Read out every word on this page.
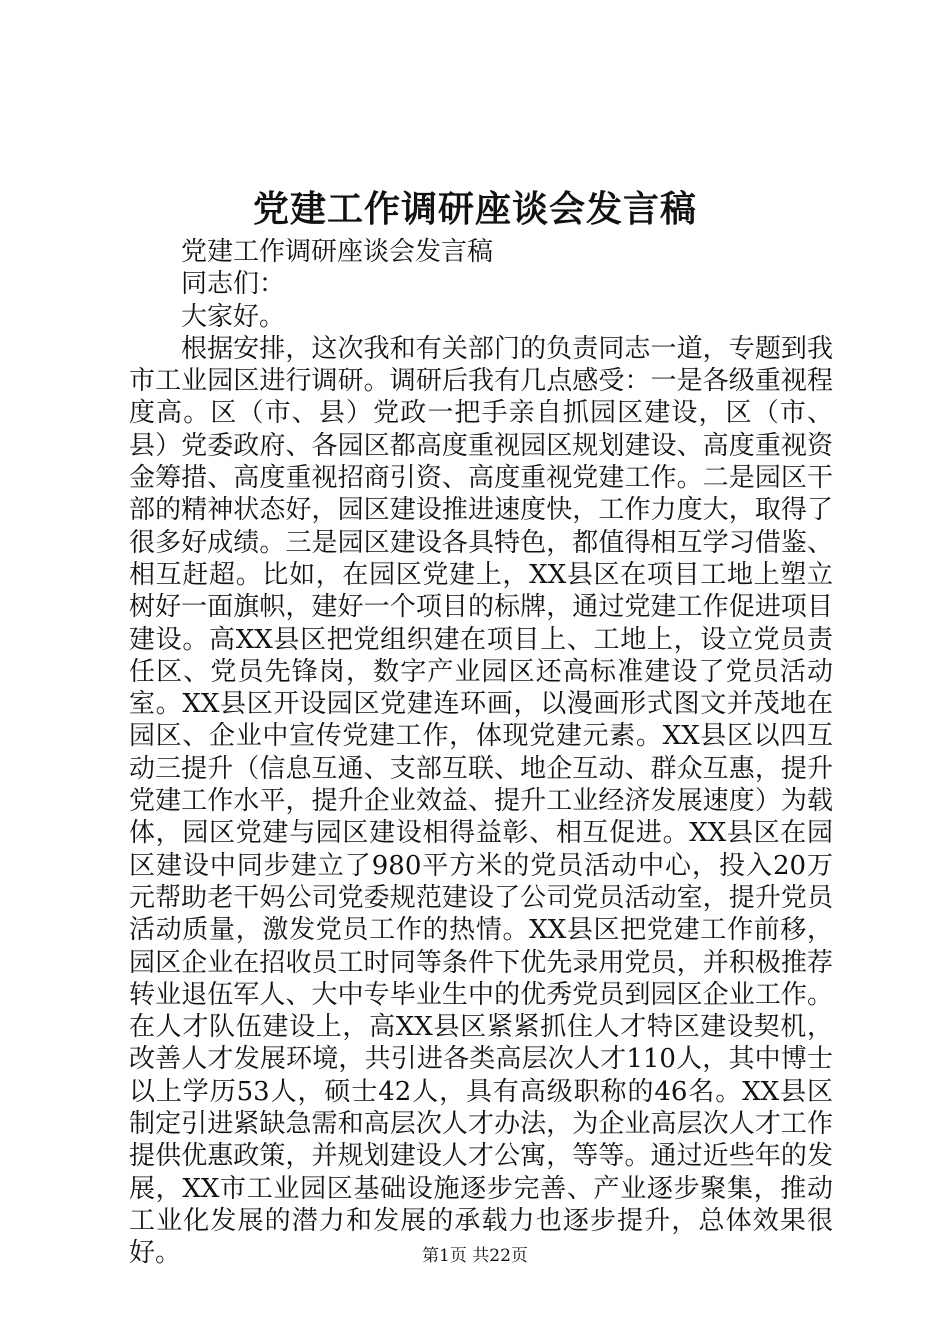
党建工作调研座谈会发言稿

党建工作调研座谈会发言稿

同志们：

大家好。

根据安排，这次我和有关部门的负责同志一道，专题到我市工业园区进行调研。调研后我有几点感受：一是各级重视程度高。区（市、县）党政一把手亲自抓园区建设，区（市、县）党委政府、各园区都高度重视园区规划建设、高度重视资金筹措、高度重视招商引资、高度重视党建工作。二是园区干部的精神状态好，园区建设推进速度快，工作力度大，取得了很多好成绩。三是园区建设各具特色，都值得相互学习借鉴、相互赶超。比如，在园区党建上，XX县区在项目工地上塑立树好一面旗帜，建好一个项目的标牌，通过党建工作促进项目建设。高XX县区把党组织建在项目上、工地上，设立党员责任区、党员先锋岗，数字产业园区还高标准建设了党员活动室。XX县区开设园区党建连环画，以漫画形式图文并茂地在园区、企业中宣传党建工作，体现党建元素。XX县区以四互动三提升（信息互通、支部互联、地企互动、群众互惠，提升党建工作水平，提升企业效益、提升工业经济发展速度）为载体，园区党建与园区建设相得益彰、相互促进。XX县区在园区建设中同步建立了980平方米的党员活动中心，投入20万元帮助老干妈公司党委规范建设了公司党员活动室，提升党员活动质量，激发党员工作的热情。XX县区把党建工作前移，园区企业在招收员工时同等条件下优先录用党员，并积极推荐转业退伍军人、大中专毕业生中的优秀党员到园区企业工作。在人才队伍建设上，高XX县区紧紧抓住人才特区建设契机，改善人才发展环境，共引进各类高层次人才110人，其中博士以上学历53人，硕士42人，具有高级职称的46名。XX县区制定引进紧缺急需和高层次人才办法，为企业高层次人才工作提供优惠政策，并规划建设人才公寓，等等。通过近些年的发展，XX市工业园区基础设施逐步完善、产业逐步聚集，推动工业化发展的潜力和发展的承载力也逐步提升，总体效果很好。	第1页 共22页
